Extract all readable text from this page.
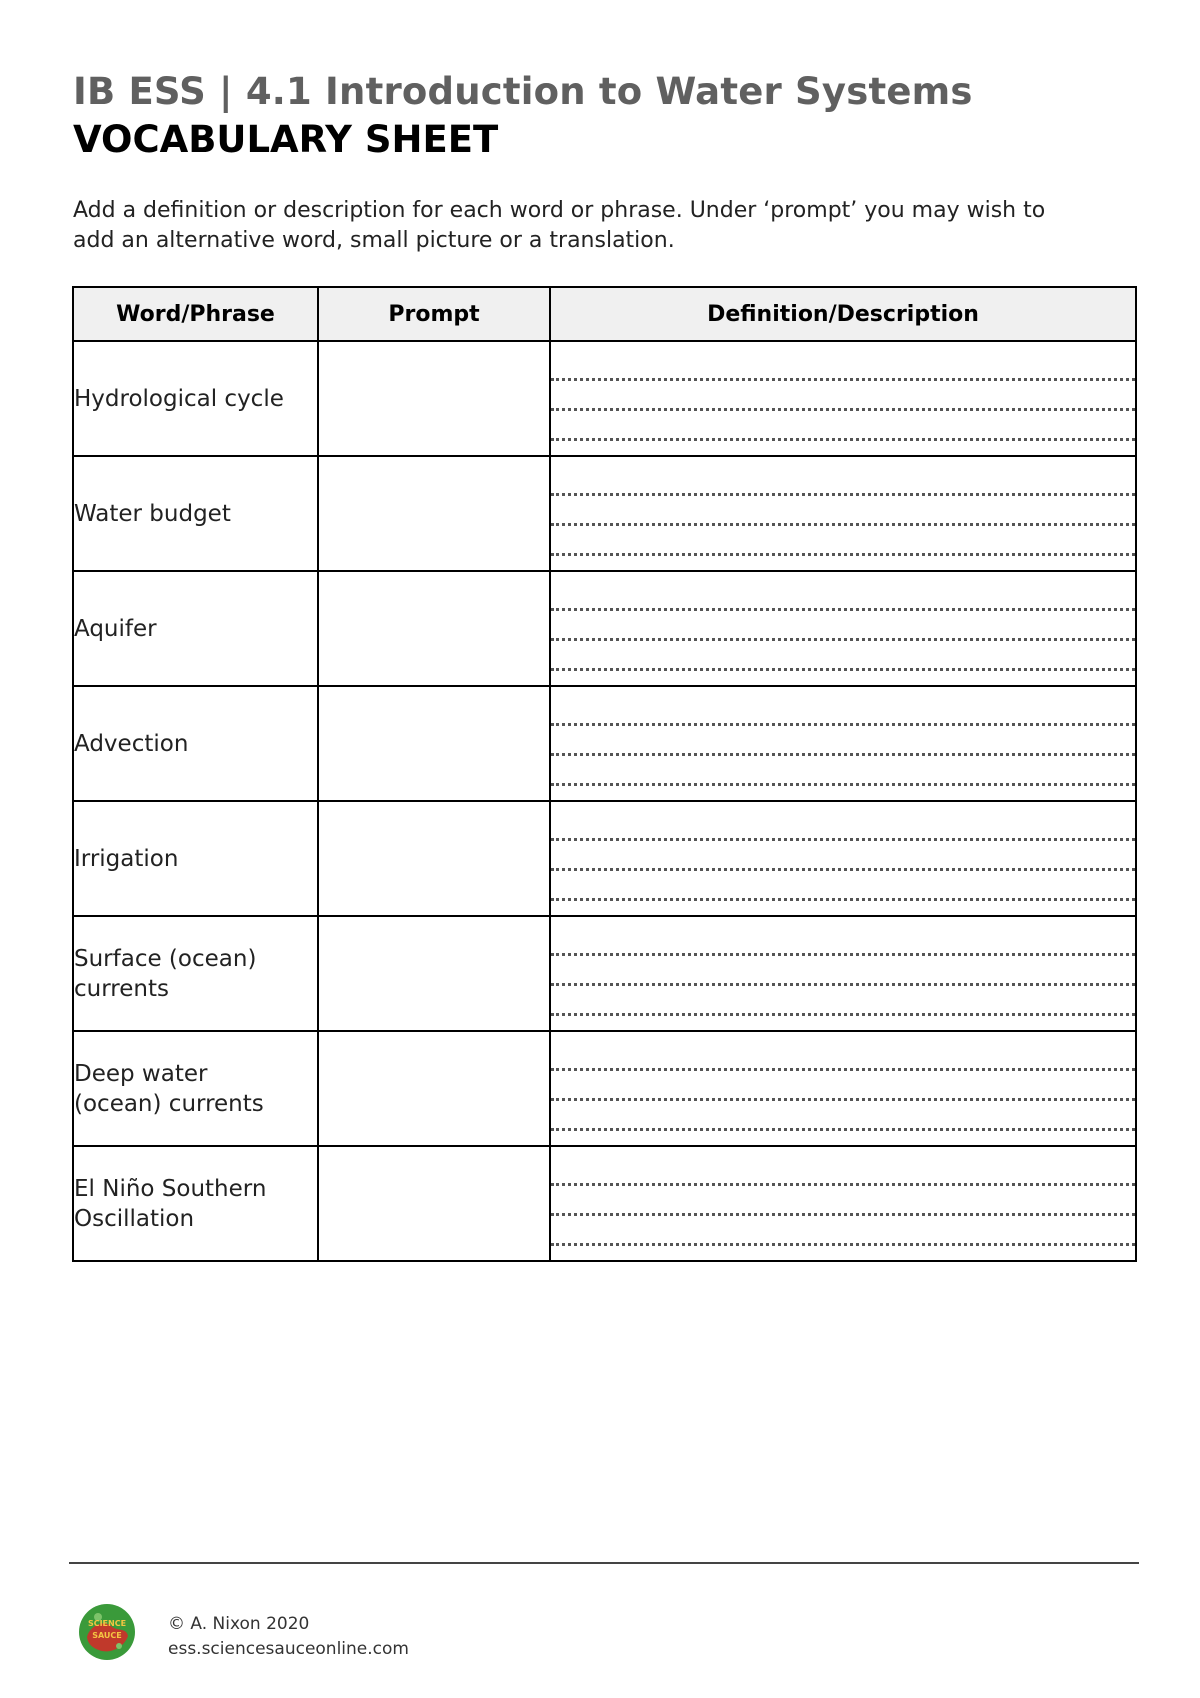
IB ESS | 4.1 Introduction to Water Systems
VOCABULARY SHEET

Add a definition or description for each word or phrase. Under ‘prompt’ you may wish to
add an alternative word, small picture or a translation.

Word/Phrase	Prompt	Definition/Description
Hydrological cycle

Water budget

Aquifer

Advection

Irrigation

Surface (ocean)
currents		

Deep water
(ocean) currents		

El Niño Southern
Oscillation		
SCIENCE
SAUCE
© A. Nixon 2020
ess.sciencesauceonline.com
